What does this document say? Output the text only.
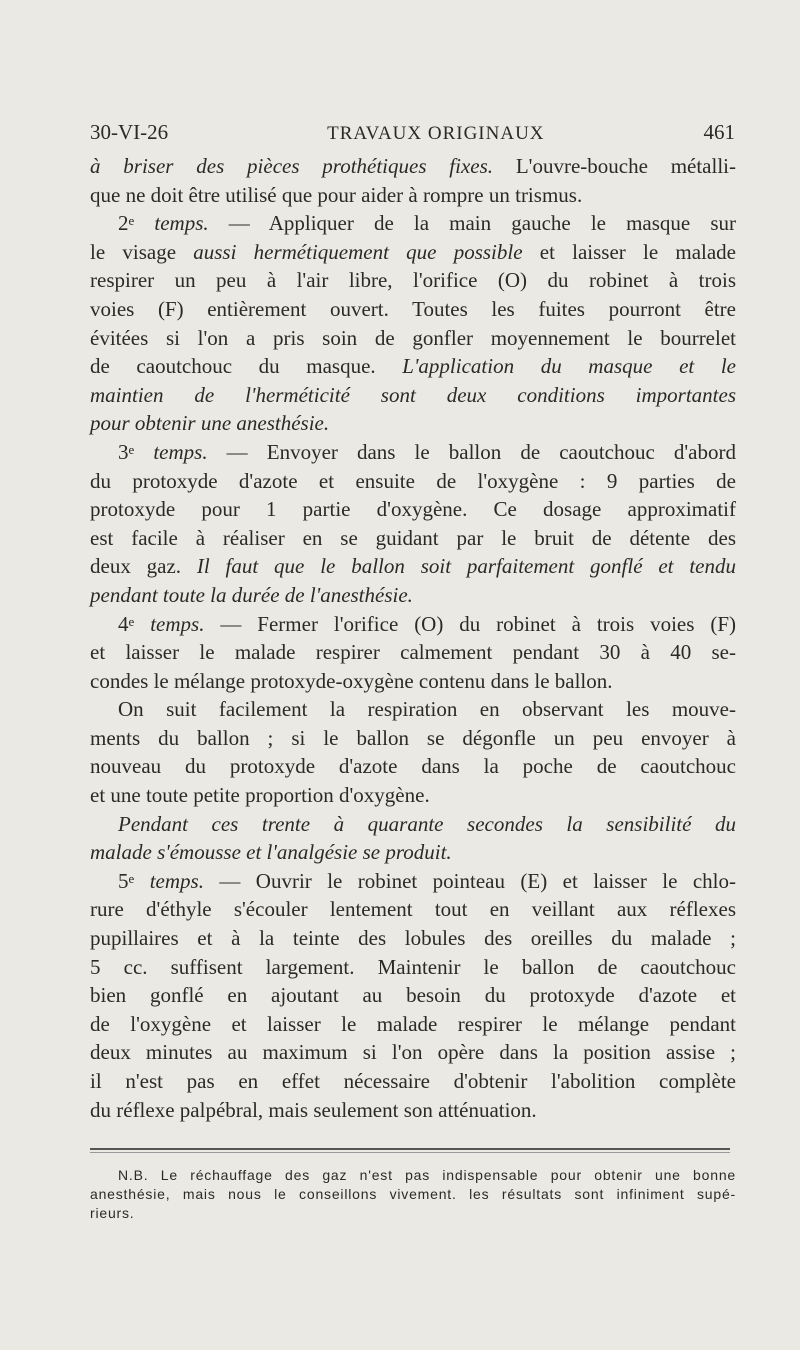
30-VI-26	TRAVAUX ORIGINAUX	461

à briser des pièces prothétiques fixes. L'ouvre-bouche métalli-
que ne doit être utilisé que pour aider à rompre un trismus.

2e temps. — Appliquer de la main gauche le masque sur
le visage aussi hermétiquement que possible et laisser le malade
respirer un peu à l'air libre, l'orifice (O) du robinet à trois
voies (F) entièrement ouvert. Toutes les fuites pourront être
évitées si l'on a pris soin de gonfler moyennement le bourrelet
de caoutchouc du masque. L'application du masque et le
maintien de l'herméticité sont deux conditions importantes
pour obtenir une anesthésie.

3e temps. — Envoyer dans le ballon de caoutchouc d'abord
du protoxyde d'azote et ensuite de l'oxygène : 9 parties de
protoxyde pour 1 partie d'oxygène. Ce dosage approximatif
est facile à réaliser en se guidant par le bruit de détente des
deux gaz. Il faut que le ballon soit parfaitement gonflé et tendu
pendant toute la durée de l'anesthésie.

4e temps. — Fermer l'orifice (O) du robinet à trois voies (F)
et laisser le malade respirer calmement pendant 30 à 40 se-
condes le mélange protoxyde-oxygène contenu dans le ballon.

On suit facilement la respiration en observant les mouve-
ments du ballon ; si le ballon se dégonfle un peu envoyer à
nouveau du protoxyde d'azote dans la poche de caoutchouc
et une toute petite proportion d'oxygène.

Pendant ces trente à quarante secondes la sensibilité du
malade s'émousse et l'analgésie se produit.

5e temps. — Ouvrir le robinet pointeau (E) et laisser le chlo-
rure d'éthyle s'écouler lentement tout en veillant aux réflexes
pupillaires et à la teinte des lobules des oreilles du malade ;
5 cc. suffisent largement. Maintenir le ballon de caoutchouc
bien gonflé en ajoutant au besoin du protoxyde d'azote et
de l'oxygène et laisser le malade respirer le mélange pendant
deux minutes au maximum si l'on opère dans la position assise ;
il n'est pas en effet nécessaire d'obtenir l'abolition complète
du réflexe palpébral, mais seulement son atténuation.

N.B. Le réchauffage des gaz n'est pas indispensable pour obtenir une bonne
anesthésie, mais nous le conseillons vivement. les résultats sont infiniment supé-
rieurs.
